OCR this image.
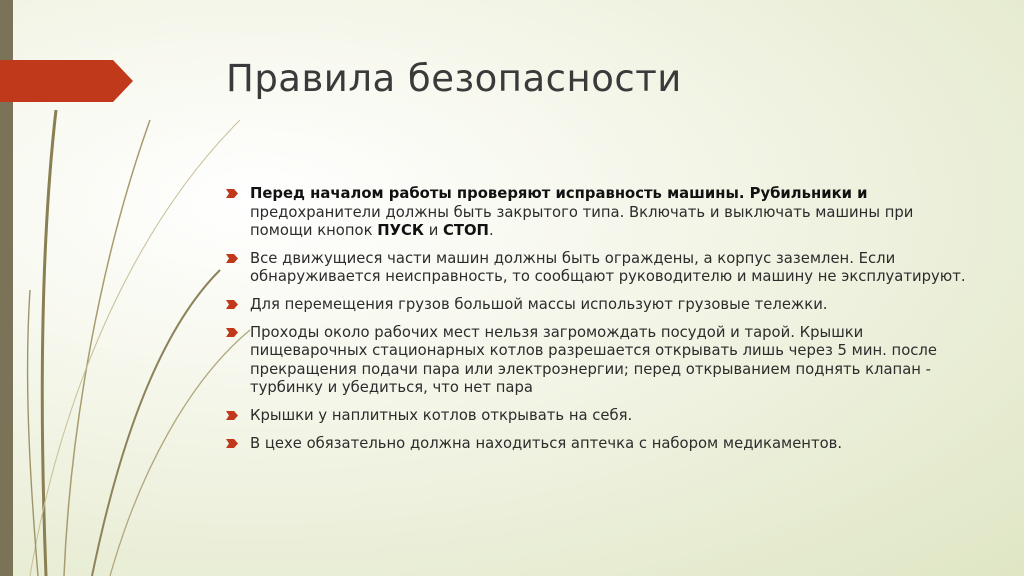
Правила безопасности
Перед началом работы проверяют исправность машины. Рубильники и предохранители должны быть закрытого типа. Включать и выключать машины при помощи кнопок ПУСК и СТОП.
Все движущиеся части машин должны быть ограждены, а корпус заземлен. Если обнаруживается неисправность, то сообщают руководителю и машину не эксплуатируют.
Для перемещения грузов большой массы используют грузовые тележки.
Проходы около рабочих мест нельзя загромождать посудой и тарой. Крышки пищеварочных стационарных котлов разрешается открывать лишь через 5 мин. после прекращения подачи пара или электроэнергии; перед открыванием поднять клапан - турбинку и убедиться, что нет пара
Крышки у наплитных котлов открывать на себя.
В цехе обязательно должна находиться аптечка с набором медикаментов.
